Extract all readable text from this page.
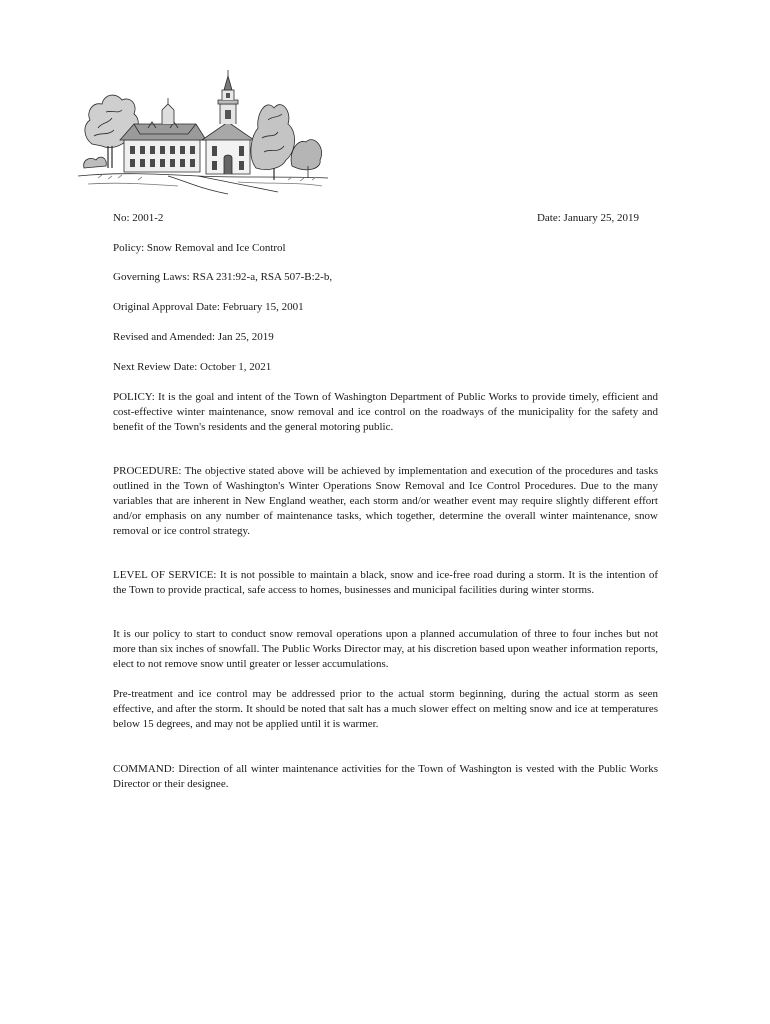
No: 2001-2	Date: January 25, 2019
Policy: Snow Removal and Ice Control
Governing Laws: RSA 231:92-a, RSA 507-B:2-b,
Original Approval Date: February 15, 2001
Revised and Amended: Jan 25, 2019
Next Review Date: October 1, 2021
POLICY: It is the goal and intent of the Town of Washington Department of Public Works to provide timely, efficient and cost-effective winter maintenance, snow removal and ice control on the roadways of the municipality for the safety and benefit of the Town's residents and the general motoring public.
PROCEDURE: The objective stated above will be achieved by implementation and execution of the procedures and tasks outlined in the Town of Washington's Winter Operations Snow Removal and Ice Control Procedures. Due to the many variables that are inherent in New England weather, each storm and/or weather event may require slightly different effort and/or emphasis on any number of maintenance tasks, which together, determine the overall winter maintenance, snow removal or ice control strategy.
LEVEL OF SERVICE: It is not possible to maintain a black, snow and ice-free road during a storm. It is the intention of the Town to provide practical, safe access to homes, businesses and municipal facilities during winter storms.
It is our policy to start to conduct snow removal operations upon a planned accumulation of three to four inches but not more than six inches of snowfall. The Public Works Director may, at his discretion based upon weather information reports, elect to not remove snow until greater or lesser accumulations.
Pre-treatment and ice control may be addressed prior to the actual storm beginning, during the actual storm as seen effective, and after the storm. It should be noted that salt has a much slower effect on melting snow and ice at temperatures below 15 degrees, and may not be applied until it is warmer.
COMMAND: Direction of all winter maintenance activities for the Town of Washington is vested with the Public Works Director or their designee.
